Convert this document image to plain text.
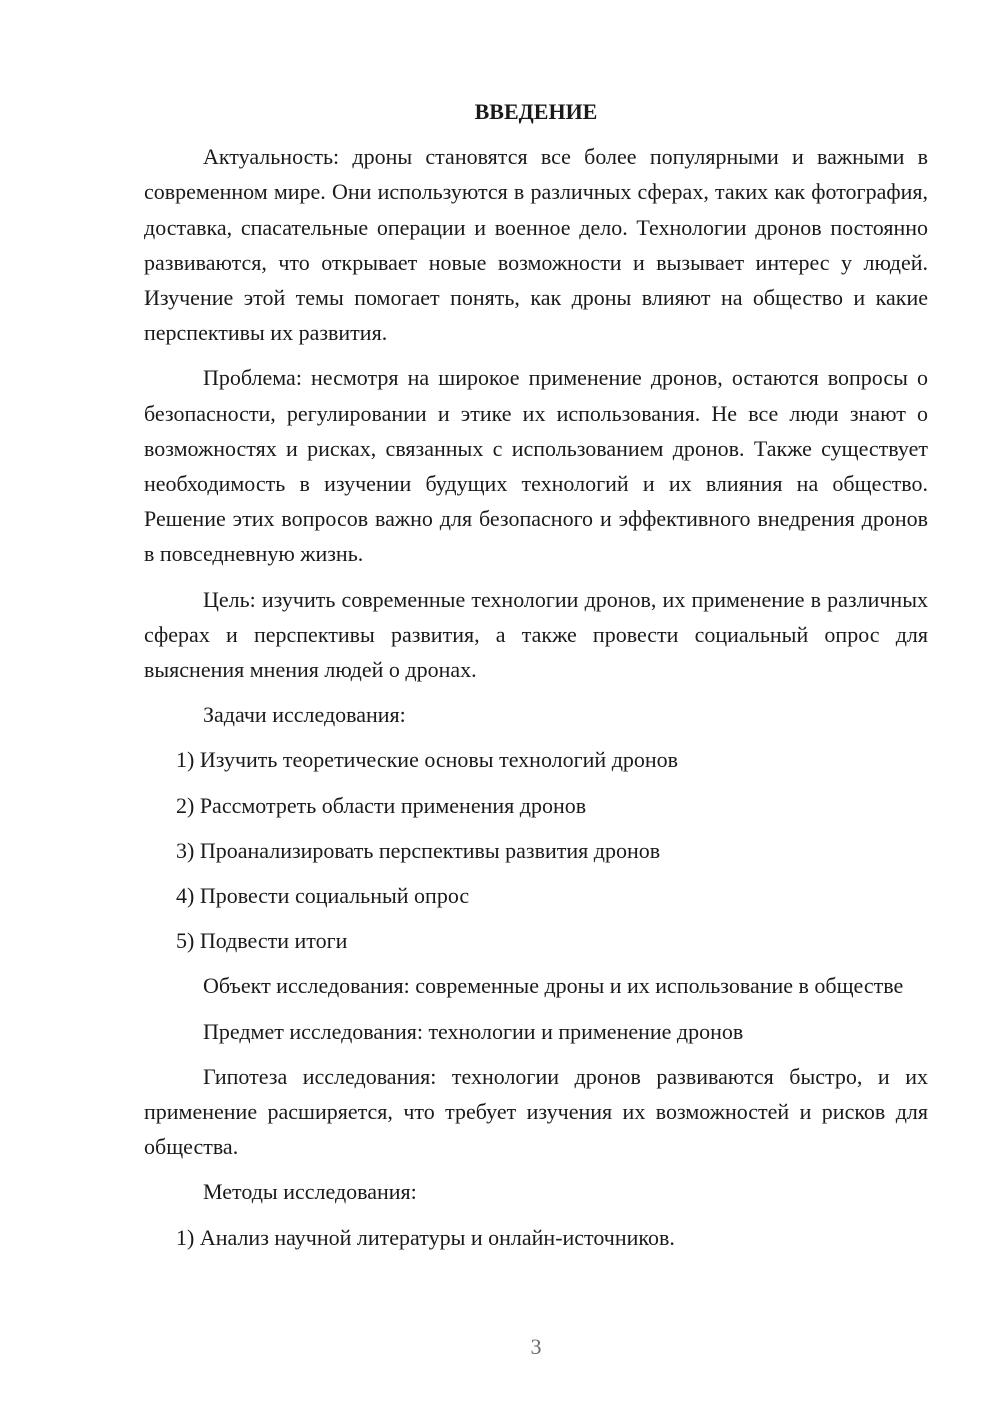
ВВЕДЕНИЕ

Актуальность: дроны становятся все более популярными и важными в современном мире. Они используются в различных сферах, таких как фотография, доставка, спасательные операции и военное дело. Технологии дронов постоянно развиваются, что открывает новые возможности и вызывает интерес у людей. Изучение этой темы помогает понять, как дроны влияют на общество и какие перспективы их развития.

Проблема: несмотря на широкое применение дронов, остаются вопросы о безопасности, регулировании и этике их использования. Не все люди знают о возможностях и рисках, связанных с использованием дронов. Также существует необходимость в изучении будущих технологий и их влияния на общество. Решение этих вопросов важно для безопасного и эффективного внедрения дронов в повседневную жизнь.

Цель: изучить современные технологии дронов, их применение в различных сферах и перспективы развития, а также провести социальный опрос для выяснения мнения людей о дронах.

Задачи исследования:

1) Изучить теоретические основы технологий дронов
2) Рассмотреть области применения дронов
3) Проанализировать перспективы развития дронов
4) Провести социальный опрос
5) Подвести итоги

Объект исследования: современные дроны и их использование в обществе

Предмет исследования: технологии и применение дронов

Гипотеза исследования: технологии дронов развиваются быстро, и их применение расширяется, что требует изучения их возможностей и рисков для общества.

Методы исследования:

1) Анализ научной литературы и онлайн-источников.
3
